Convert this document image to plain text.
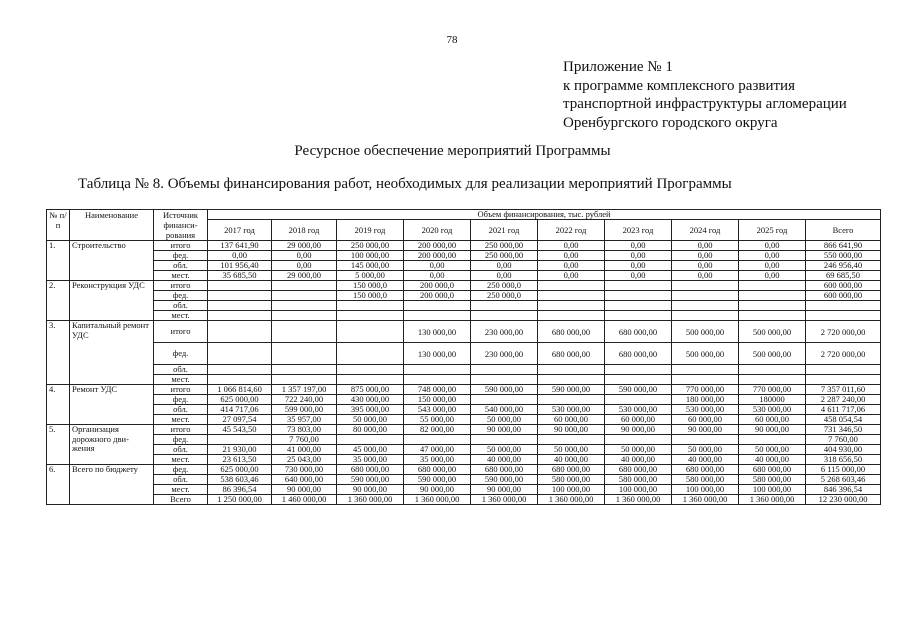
78
Приложение № 1
к программе комплексного развития
транспортной инфраструктуры агломерации
Оренбургского городского округа
Ресурсное обеспечение мероприятий Программы
Таблица № 8. Объемы финансирования работ, необходимых для реализации мероприятий Программы
№ п/п	Наименование	Источник финанси-рования	Объем финансирования, тыс. рублей									
			2017 год	2018 год	2019 год	2020 год	2021 год	2022 год	2023 год	2024 год	2025 год	Всего
1.	Строительство	итого	137 641,90	29 000,00	250 000,00	200 000,00	250 000,00	0,00	0,00	0,00	0,00	866 641,90
		фед.	0,00	0,00	100 000,00	200 000,00	250 000,00	0,00	0,00	0,00	0,00	550 000,00
		обл.	101 956,40	0,00	145 000,00	0,00	0,00	0,00	0,00	0,00	0,00	246 956,40
		мест.	35 685,50	29 000,00	5 000,00	0,00	0,00	0,00	0,00	0,00	0,00	69 685,50
2.	Реконструкция УДС	итого			150 000,0	200 000,0	250 000,0					600 000,00
		фед.			150 000,0	200 000,0	250 000,0					600 000,00
		обл.										
		мест.										
3.	Капитальный ремонт УДС	итого				130 000,00	230 000,00	680 000,00	680 000,00	500 000,00	500 000,00	2 720 000,00
		фед.				130 000,00	230 000,00	680 000,00	680 000,00	500 000,00	500 000,00	2 720 000,00
		обл.										
		мест.										
4.	Ремонт УДС	итого	1 066 814,60	1 357 197,00	875 000,00	748 000,00	590 000,00	590 000,00	590 000,00	770 000,00	770 000,00	7 357 011,60
		фед.	625 000,00	722 240,00	430 000,00	150 000,00				180 000,00	180000	2 287 240,00
		обл.	414 717,06	599 000,00	395 000,00	543 000,00	540 000,00	530 000,00	530 000,00	530 000,00	530 000,00	4 611 717,06
		мест.	27 097,54	35 957,00	50 000,00	55 000,00	50 000,00	60 000,00	60 000,00	60 000,00	60 000,00	458 054,54
5.	Организация дорожного дви-жения	итого	45 543,50	73 803,00	80 000,00	82 000,00	90 000,00	90 000,00	90 000,00	90 000,00	90 000,00	731 346,50
		фед.		7 760,00								7 760,00
		обл.	21 930,00	41 000,00	45 000,00	47 000,00	50 000,00	50 000,00	50 000,00	50 000,00	50 000,00	404 930,00
		мест.	23 613,50	25 043,00	35 000,00	35 000,00	40 000,00	40 000,00	40 000,00	40 000,00	40 000,00	318 656,50
6.	Всего по бюджету	фед.	625 000,00	730 000,00	680 000,00	680 000,00	680 000,00	680 000,00	680 000,00	680 000,00	680 000,00	6 115 000,00
		обл.	538 603,46	640 000,00	590 000,00	590 000,00	590 000,00	580 000,00	580 000,00	580 000,00	580 000,00	5 268 603,46
		мест.	86 396,54	90 000,00	90 000,00	90 000,00	90 000,00	100 000,00	100 000,00	100 000,00	100 000,00	846 396,54
		Всего	1 250 000,00	1 460 000,00	1 360 000,00	1 360 000,00	1 360 000,00	1 360 000,00	1 360 000,00	1 360 000,00	1 360 000,00	12 230 000,00
